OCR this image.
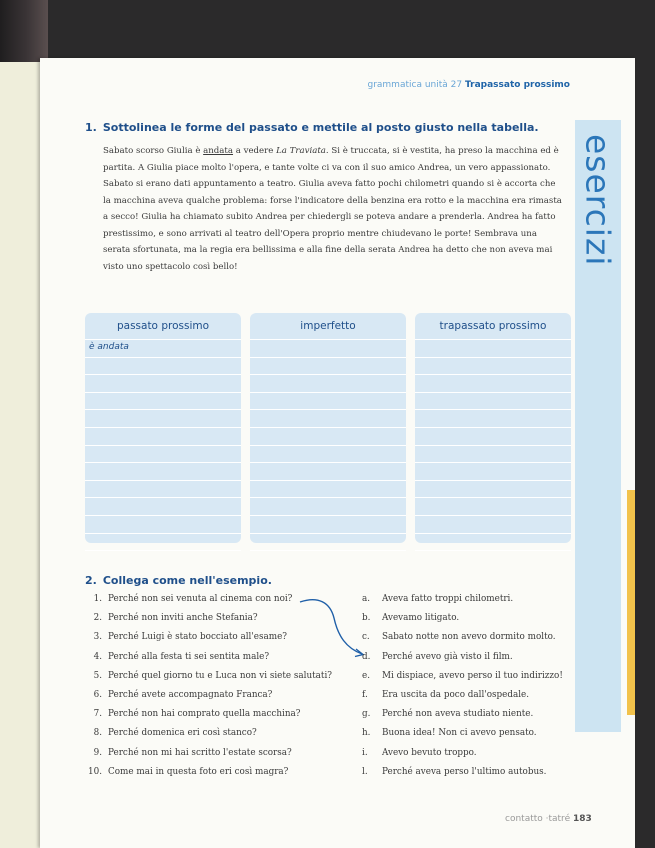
grammatica unità 27 Trapassato prossimo
esercizi
1. Sottolinea le forme del passato e mettile al posto giusto nella tabella.
Sabato scorso Giulia è andata a vedere La Traviata. Si è truccata, si è vestita, ha preso la macchina ed è partita. A Giulia piace molto l'opera, e tante volte ci va con il suo amico Andrea, un vero appassionato. Sabato si erano dati appuntamento a teatro. Giulia aveva fatto pochi chilometri quando si è accorta che la macchina aveva qualche problema: forse l'indicatore della benzina era rotto e la macchina era rimasta a secco! Giulia ha chiamato subito Andrea per chiedergli se poteva andare a prenderla. Andrea ha fatto prestissimo, e sono arrivati al teatro dell'Opera proprio mentre chiudevano le porte! Sembrava una serata sfortunata, ma la regia era bellissima e alla fine della serata Andrea ha detto che non aveva mai visto uno spettacolo così bello!
passato prossimo
è andata
imperfetto	trapassato prossimo
2. Collega come nell'esempio.
1. Perché non sei venuta al cinema con noi?
2. Perché non inviti anche Stefania?
3. Perché Luigi è stato bocciato all'esame?
4. Perché alla festa ti sei sentita male?
5. Perché quel giorno tu e Luca non vi siete salutati?
6. Perché avete accompagnato Franca?
7. Perché non hai comprato quella macchina?
8. Perché domenica eri così stanco?
9. Perché non mi hai scritto l'estate scorsa?
10. Come mai in questa foto eri così magra?
a. Aveva fatto troppi chilometri.
b. Avevamo litigato.
c. Sabato notte non avevo dormito molto.
d. Perché avevo già visto il film.
e. Mi dispiace, avevo perso il tuo indirizzo!
f. Era uscita da poco dall'ospedale.
g. Perché non aveva studiato niente.
h. Buona idea! Non ci avevo pensato.
i. Avevo bevuto troppo.
l. Perché aveva perso l'ultimo autobus.
contatto ·tatré 183
